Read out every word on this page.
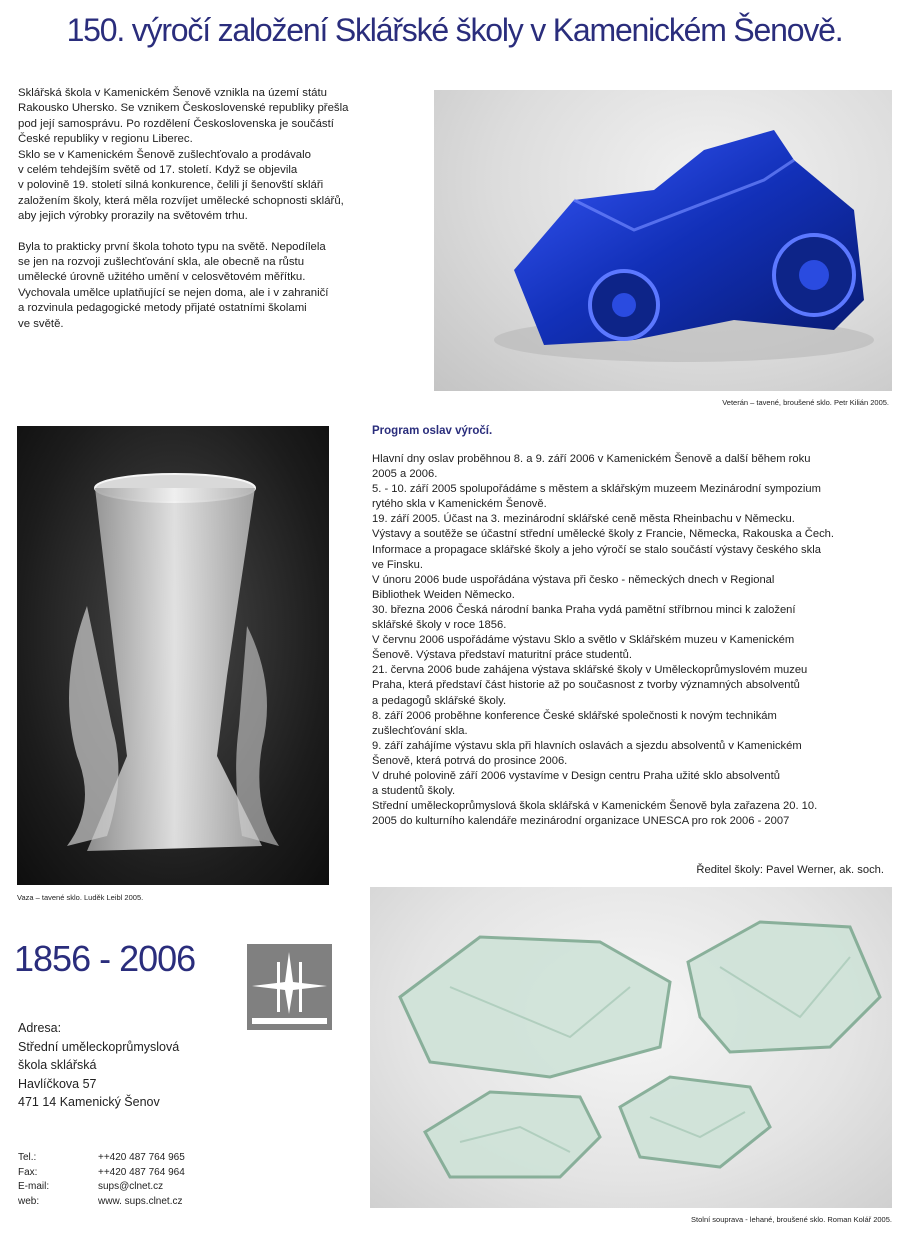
150. výročí založení Sklářské školy v Kamenickém Šenově.

Sklářská škola v Kamenickém Šenově vznikla na území státu
Rakousko Uhersko. Se vznikem Československé republiky přešla
pod její samosprávu. Po rozdělení Československa je součástí
České republiky v regionu Liberec.
Sklo se v Kamenickém Šenově zušlechťovalo a prodávalo
v celém tehdejším světě od 17. století. Když se objevila
v polovině 19. století silná konkurence, čelili jí šenovští skláři
založením školy, která měla rozvíjet umělecké schopnosti sklářů,
aby jejich výrobky prorazily na světovém trhu.

Byla to prakticky první škola tohoto typu na světě. Nepodílela
se jen na rozvoji zušlechťování skla, ale obecně na růstu
umělecké úrovně užitého umění v celosvětovém měřítku.
Vychovala umělce uplatňující se nejen doma, ale i v zahraničí
a rozvinula pedagogické metody přijaté ostatními školami
ve světě.

Veterán – tavené, broušené sklo. Petr Kilián 2005.
Vaza – tavené sklo. Luděk Leibl 2005.
Program oslav výročí.
Hlavní dny oslav proběhnou 8. a 9. září 2006 v Kamenickém Šenově a další během roku
2005 a 2006.
5. - 10. září 2005 spolupořádáme s městem a sklářským muzeem Mezinárodní sympozium
rytého skla v Kamenickém Šenově.
19. září 2005. Účast na 3. mezinárodní sklářské ceně města Rheinbachu v Německu.
Výstavy a soutěže se účastní střední umělecké školy z Francie, Německa, Rakouska a Čech.
Informace a propagace sklářské školy a jeho výročí se stalo součástí výstavy českého skla
ve Finsku.
V únoru 2006 bude uspořádána výstava při česko - německých dnech v Regional
Bibliothek Weiden Německo.
30. března 2006 Česká národní banka Praha vydá pamětní stříbrnou minci k založení
sklářské školy v roce 1856.
V červnu 2006 uspořádáme výstavu Sklo a světlo v Sklářském muzeu v Kamenickém
Šenově. Výstava představí maturitní práce studentů.
21. června 2006 bude zahájena výstava sklářské školy v Uměleckoprůmyslovém muzeu
Praha, která představí část historie až po současnost z tvorby významných absolventů
a pedagogů sklářské školy.
8. září 2006 proběhne konference České sklářské společnosti k novým technikám
zušlechťování skla.
9. září zahájíme výstavu skla při hlavních oslavách a sjezdu absolventů v Kamenickém
Šenově, která potrvá do prosince 2006.
V druhé polovině září 2006 vystavíme v Design centru Praha užité sklo absolventů
a studentů školy.
Střední uměleckoprůmyslová škola sklářská v Kamenickém Šenově byla zařazena 20. 10.
2005 do kulturního kalendáře mezinárodní organizace UNESCA pro rok 2006 - 2007
Ředitel školy: Pavel Werner, ak. soch.
Stolní souprava - lehané, broušené sklo. Roman Kolář 2005.
1856 - 2006
Adresa:
Střední uměleckoprůmyslová
škola sklářská
Havlíčkova 57
471 14 Kamenický Šenov
Tel.:	++420 487 764 965
Fax:	++420 487 764 964
E-mail:	sups@clnet.cz
web:	www. sups.clnet.cz
